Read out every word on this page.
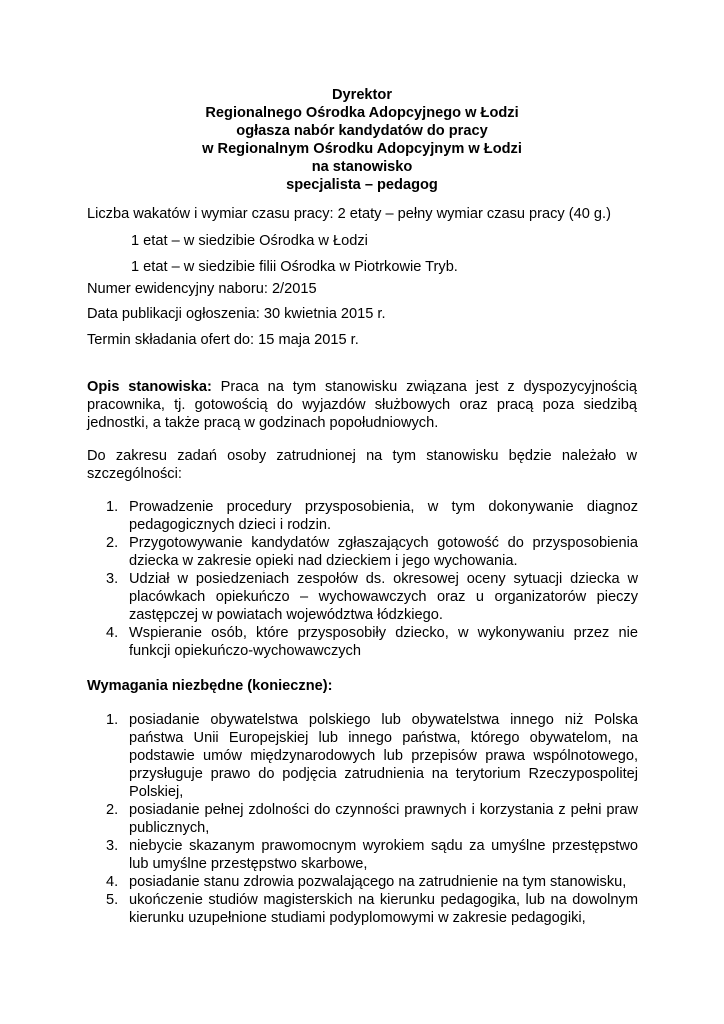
Dyrektor
Regionalnego Ośrodka Adopcyjnego w Łodzi
ogłasza nabór kandydatów do pracy
w Regionalnym Ośrodku Adopcyjnym w Łodzi
na stanowisko
specjalista – pedagog
Liczba wakatów i wymiar czasu pracy: 2 etaty – pełny wymiar czasu pracy (40 g.)
1 etat – w siedzibie Ośrodka w Łodzi
1 etat – w siedzibie filii Ośrodka w Piotrkowie Tryb.
Numer ewidencyjny naboru: 2/2015
Data publikacji ogłoszenia: 30 kwietnia 2015 r.
Termin składania ofert do: 15 maja 2015 r.
Opis stanowiska: Praca na tym stanowisku związana jest z dyspozycyjnością pracownika, tj. gotowością do wyjazdów służbowych oraz pracą poza siedzibą jednostki, a także pracą w godzinach popołudniowych.
Do zakresu zadań osoby zatrudnionej na tym stanowisku będzie należało w szczególności:
1. Prowadzenie procedury przysposobienia, w tym dokonywanie diagnoz pedagogicznych dzieci i rodzin.
2. Przygotowywanie kandydatów zgłaszających gotowość do przysposobienia dziecka w zakresie opieki nad dzieckiem i jego wychowania.
3. Udział w posiedzeniach zespołów ds. okresowej oceny sytuacji dziecka w placówkach opiekuńczo – wychowawczych oraz u organizatorów pieczy zastępczej w powiatach województwa łódzkiego.
4. Wspieranie osób, które przysposobiły dziecko, w wykonywaniu przez nie funkcji opiekuńczo-wychowawczych
Wymagania niezbędne (konieczne):
1. posiadanie obywatelstwa polskiego lub obywatelstwa innego niż Polska państwa Unii Europejskiej lub innego państwa, którego obywatelom, na podstawie umów międzynarodowych lub przepisów prawa wspólnotowego, przysługuje prawo do podjęcia zatrudnienia na terytorium Rzeczypospolitej Polskiej,
2. posiadanie pełnej zdolności do czynności prawnych i korzystania z pełni praw publicznych,
3. niebycie skazanym prawomocnym wyrokiem sądu za umyślne przestępstwo lub umyślne przestępstwo skarbowe,
4. posiadanie stanu zdrowia pozwalającego na zatrudnienie na tym stanowisku,
5. ukończenie studiów magisterskich na kierunku pedagogika, lub na dowolnym kierunku uzupełnione studiami podyplomowymi w zakresie pedagogiki,
